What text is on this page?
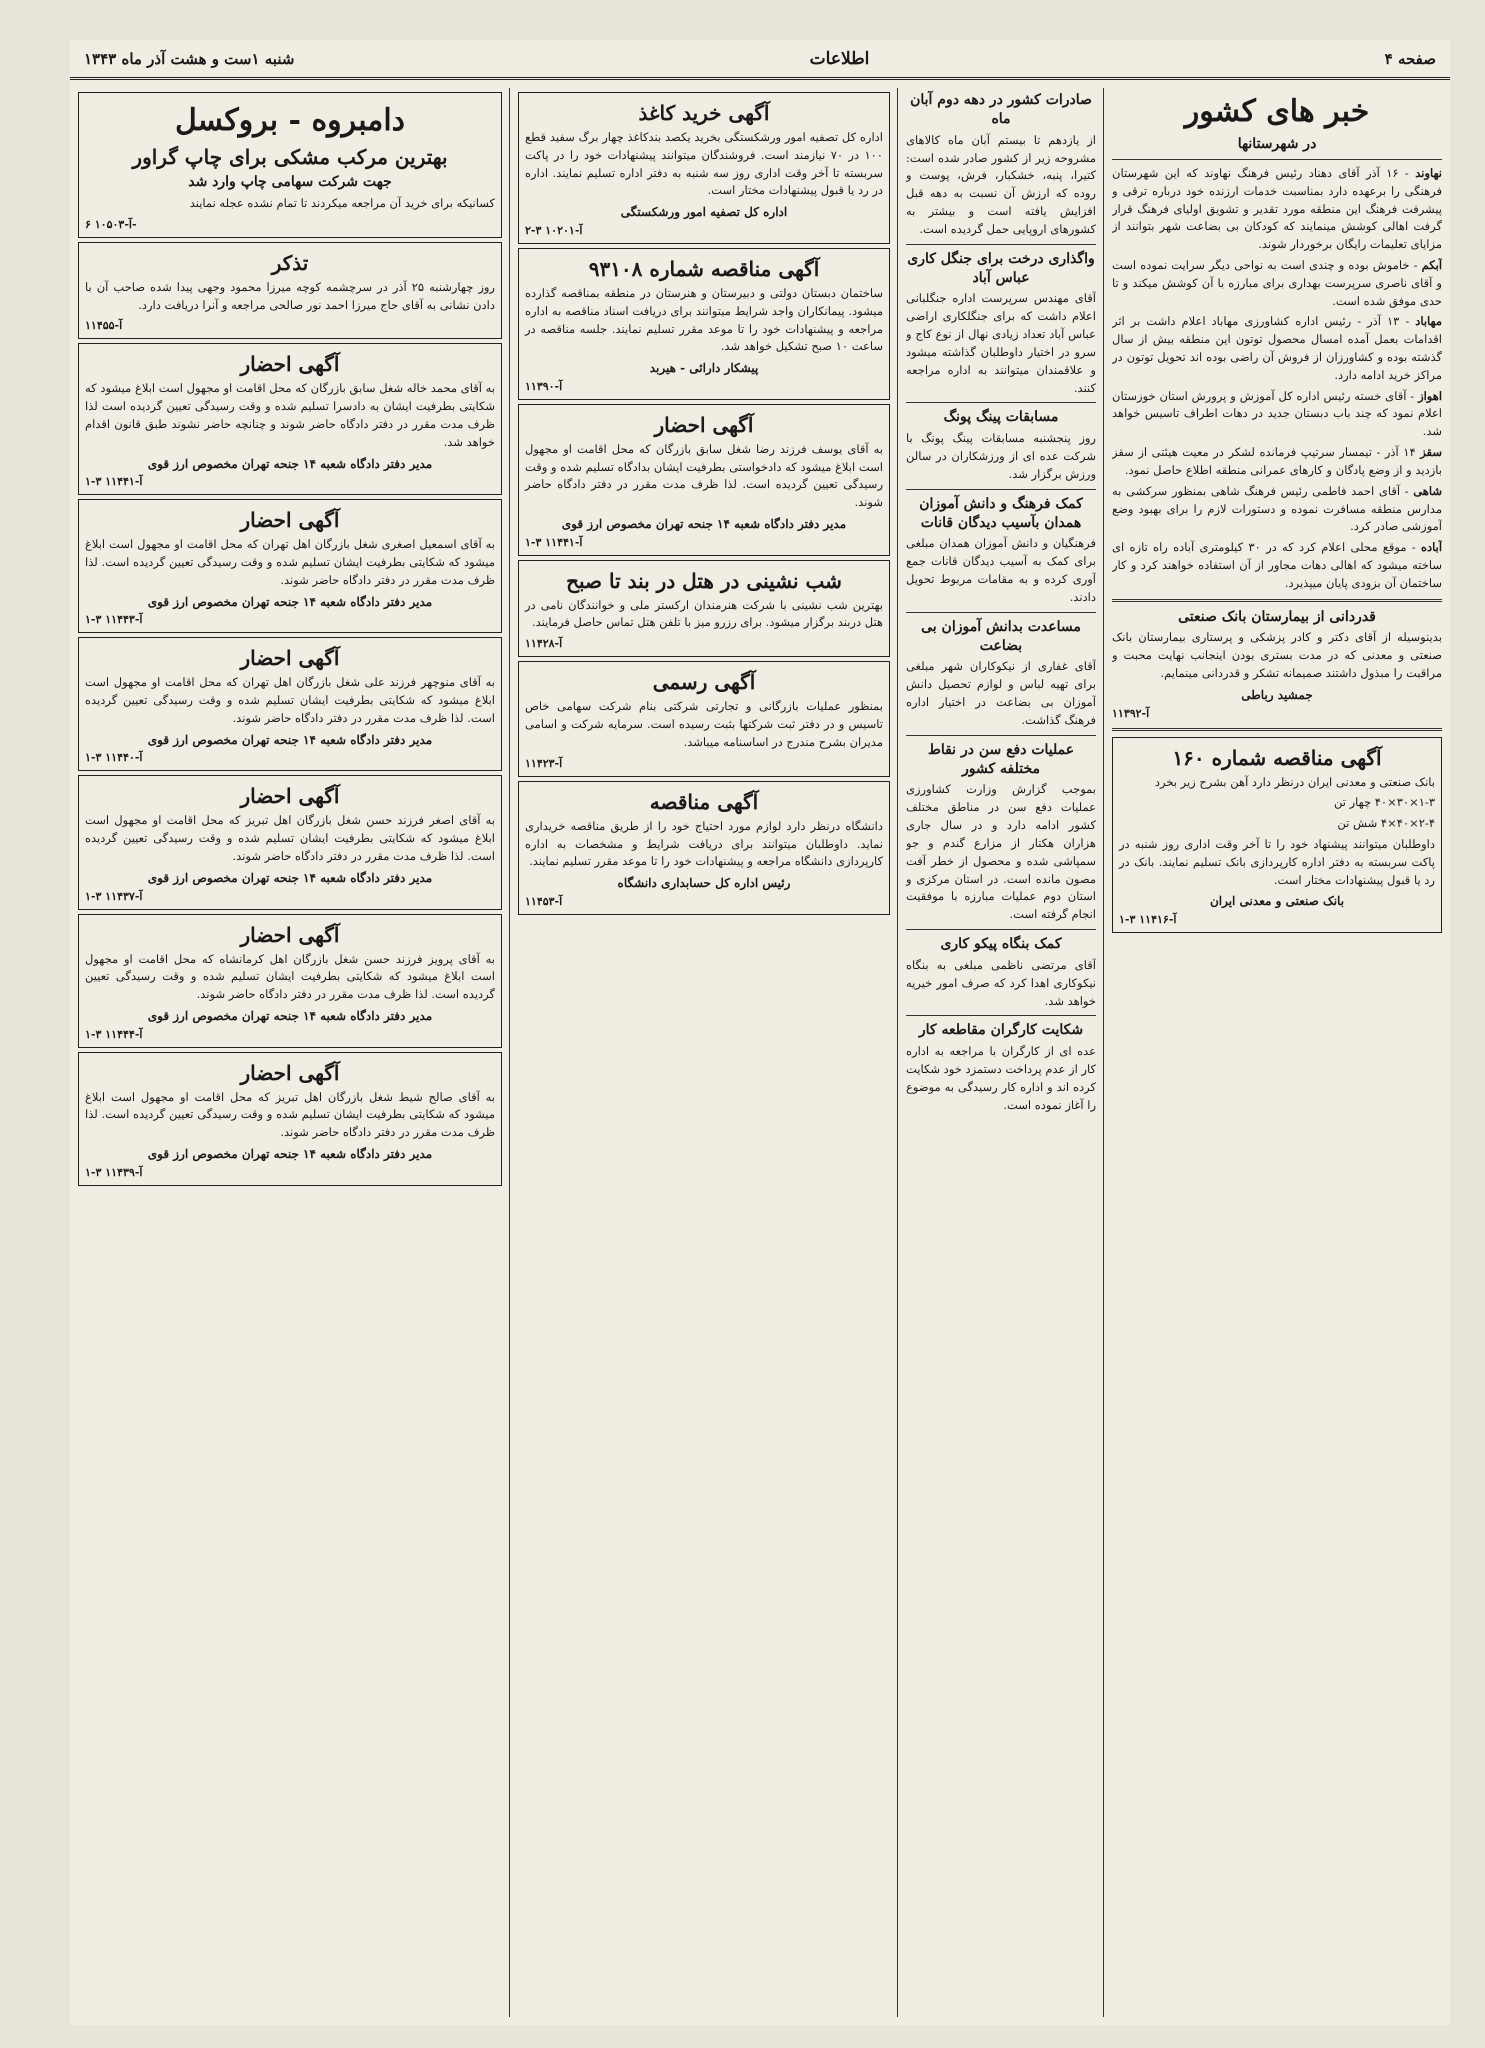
صفحه ۴
اطلاعات
شنبه ۱ست و هشت آذر ماه ۱۳۴۳
خبر های کشور
در شهرستانها

نهاوند - ۱۶ آذر آقای دهناد رئیس فرهنگ نهاوند که این شهرستان فرهنگی را برعهده دارد بمناسبت خدمات ارزنده خود درباره ترقی و پیشرفت فرهنگ این منطقه مورد تقدیر و تشویق اولیای فرهنگ قرار گرفت اهالی کوشش مینمایند که کودکان بی بضاعت شهر بتوانند از مزایای تعلیمات رایگان برخوردار شوند.

آبکم - خاموش بوده و چندی است به نواحی دیگر سرایت نموده است و آقای ناصری سرپرست بهداری برای مبارزه با آن کوشش میکند و تا حدی موفق شده است.

مهاباد - ۱۳ آذر - رئیس اداره کشاورزی مهاباد اعلام داشت بر اثر اقدامات بعمل آمده امسال محصول توتون این منطقه بیش از سال گذشته بوده و کشاورزان از فروش آن راضی بوده اند تحویل توتون در مراکز خرید ادامه دارد.

اهواز - آقای خسته رئیس اداره کل آموزش و پرورش استان خوزستان اعلام نمود که چند باب دبستان جدید در دهات اطراف تاسیس خواهد شد.

سقز ۱۴ آذر - تیمسار سرتیپ فرمانده لشکر در معیت هیئتی از سقز بازدید و از وضع پادگان و کارهای عمرانی منطقه اطلاع حاصل نمود.

شاهی - آقای احمد فاطمی رئیس فرهنگ شاهی بمنظور سرکشی به مدارس منطقه مسافرت نموده و دستورات لازم را برای بهبود وضع آموزشی صادر کرد.

آباده - موقع محلی اعلام کرد که در ۳۰ کیلومتری آباده راه تازه ای ساخته میشود که اهالی دهات مجاور از آن استفاده خواهند کرد و کار ساختمان آن بزودی پایان میپذیرد.

قدردانی از بیمارستان بانک صنعتی

بدینوسیله از آقای دکتر و کادر پزشکی و پرستاری بیمارستان بانک صنعتی و معدنی که در مدت بستری بودن اینجانب نهایت محبت و مراقبت را مبذول داشتند صمیمانه تشکر و قدردانی مینمایم.

جمشید رباطی
آ-۱۱۳۹۲
آگهی مناقصه شماره ۱۶۰

بانک صنعتی و معدنی ایران درنظر دارد آهن بشرح زیر بخرد

۱-۳×۳۰×۴۰ چهار تن

۲-۴×۴۰×۴ شش تن

داوطلبان میتوانند پیشنهاد خود را تا آخر وقت اداری روز شنبه در پاکت سربسته به دفتر اداره کارپردازی بانک تسلیم نمایند. بانک در رد یا قبول پیشنهادات مختار است.

بانک صنعتی و معدنی ایران
آ-۱۱۴۱۶ ۳-۱
صادرات کشور در دهه دوم آبان ماه

از یازدهم تا بیستم آبان ماه کالاهای مشروحه زیر از کشور صادر شده است: کتیرا، پنبه، خشکبار، فرش، پوست و روده که ارزش آن نسبت به دهه قبل افزایش یافته است و بیشتر به کشورهای اروپایی حمل گردیده است.

واگذاری درخت برای جنگل کاری عباس آباد

آقای مهندس سرپرست اداره جنگلبانی اعلام داشت که برای جنگلکاری اراضی عباس آباد تعداد زیادی نهال از نوع کاج و سرو در اختیار داوطلبان گذاشته میشود و علاقمندان میتوانند به اداره مراجعه کنند.

مسابقات پینگ پونگ

روز پنجشنبه مسابقات پینگ پونگ با شرکت عده ای از ورزشکاران در سالن ورزش برگزار شد.

کمک فرهنگ و دانش آموزان همدان بآسیب دیدگان قانات

فرهنگیان و دانش آموزان همدان مبلغی برای کمک به آسیب دیدگان قانات جمع آوری کرده و به مقامات مربوط تحویل دادند.

مساعدت بدانش آموزان بی بضاعت

آقای غفاری از نیکوکاران شهر مبلغی برای تهیه لباس و لوازم تحصیل دانش آموزان بی بضاعت در اختیار اداره فرهنگ گذاشت.

عملیات دفع سن در نقاط مختلفه کشور

بموجب گزارش وزارت کشاورزی عملیات دفع سن در مناطق مختلف کشور ادامه دارد و در سال جاری هزاران هکتار از مزارع گندم و جو سمپاشی شده و محصول از خطر آفت مصون مانده است. در استان مرکزی و استان دوم عملیات مبارزه با موفقیت انجام گرفته است.

کمک بنگاه پیکو کاری

آقای مرتضی ناظمی مبلغی به بنگاه نیکوکاری اهدا کرد که صرف امور خیریه خواهد شد.

شکایت کارگران مقاطعه کار

عده ای از کارگران با مراجعه به اداره کار از عدم پرداخت دستمزد خود شکایت کرده اند و اداره کار رسیدگی به موضوع را آغاز نموده است.

آگهی خرید کاغذ

اداره کل تصفیه امور ورشکستگی بخرید یکصد بندکاغذ چهار برگ سفید قطع ۱۰۰ در ۷۰ نیازمند است. فروشندگان میتوانند پیشنهادات خود را در پاکت سربسته تا آخر وقت اداری روز سه شنبه به دفتر اداره تسلیم نمایند. اداره در رد یا قبول پیشنهادات مختار است.

اداره کل تصفیه امور ورشکستگی
آ-۱۰۲۰۱ ۳-۲
آگهی مناقصه شماره ۹۳۱۰۸

ساختمان دبستان دولتی و دبیرستان و هنرستان در منطقه بمناقصه گذارده میشود. پیمانکاران واجد شرایط میتوانند برای دریافت اسناد مناقصه به اداره مراجعه و پیشنهادات خود را تا موعد مقرر تسلیم نمایند. جلسه مناقصه در ساعت ۱۰ صبح تشکیل خواهد شد.

پیشکار دارائی - هیربد
آ-۱۱۳۹۰
آگهی احضار

به آقای یوسف فرزند رضا شغل سابق بازرگان که محل اقامت او مجهول است ابلاغ میشود که دادخواستی بطرفیت ایشان بدادگاه تسلیم شده و وقت رسیدگی تعیین گردیده است. لذا ظرف مدت مقرر در دفتر دادگاه حاضر شوند.

مدیر دفتر دادگاه شعبه ۱۴ جنحه تهران مخصوص ارز قوی
آ-۱۱۴۴۱ ۳-۱
شب نشینی در هتل در بند تا صبح

بهترین شب نشینی با شرکت هنرمندان ارکستر ملی و خوانندگان نامی در هتل دربند برگزار میشود. برای رزرو میز با تلفن هتل تماس حاصل فرمایند.

آ-۱۱۴۲۸
آگهی رسمی

بمنظور عملیات بازرگانی و تجارتی شرکتی بنام شرکت سهامی خاص تاسیس و در دفتر ثبت شرکتها بثبت رسیده است. سرمایه شرکت و اسامی مدیران بشرح مندرج در اساسنامه میباشد.

آ-۱۱۴۲۳
آگهی مناقصه

دانشگاه درنظر دارد لوازم مورد احتیاج خود را از طریق مناقصه خریداری نماید. داوطلبان میتوانند برای دریافت شرایط و مشخصات به اداره کارپردازی دانشگاه مراجعه و پیشنهادات خود را تا موعد مقرر تسلیم نمایند.

رئیس اداره کل حسابداری دانشگاه
آ-۱۱۴۵۳
دامبروه - بروکسل
بهترین مرکب مشکی برای چاپ گراور
جهت شرکت سهامی چاپ وارد شد

کسانیکه برای خرید آن مراجعه میکردند تا تمام نشده عجله نمایند

آ-۱۰۵۰۳ ۶-
تذکر

روز چهارشنبه ۲۵ آذر در سرچشمه کوچه میرزا محمود وجهی پیدا شده صاحب آن با دادن نشانی به آقای حاج میرزا احمد نور صالحی مراجعه و آنرا دریافت دارد.

آ-۱۱۴۵۵
آگهی احضار

به آقای محمد خاله شغل سابق بازرگان که محل اقامت او مجهول است ابلاغ میشود که شکایتی بطرفیت ایشان به دادسرا تسلیم شده و وقت رسیدگی تعیین گردیده است لذا ظرف مدت مقرر در دفتر دادگاه حاضر شوند و چنانچه حاضر نشوند طبق قانون اقدام خواهد شد.

مدیر دفتر دادگاه شعبه ۱۴ جنحه تهران مخصوص ارز قوی
آ-۱۱۴۴۱ ۳-۱
آگهی احضار

به آقای اسمعیل اصغری شغل بازرگان اهل تهران که محل اقامت او مجهول است ابلاغ میشود که شکایتی بطرفیت ایشان تسلیم شده و وقت رسیدگی تعیین گردیده است. لذا ظرف مدت مقرر در دفتر دادگاه حاضر شوند.

مدیر دفتر دادگاه شعبه ۱۴ جنحه تهران مخصوص ارز قوی
آ-۱۱۴۴۳ ۳-۱
آگهی احضار

به آقای منوچهر فرزند علی شغل بازرگان اهل تهران که محل اقامت او مجهول است ابلاغ میشود که شکایتی بطرفیت ایشان تسلیم شده و وقت رسیدگی تعیین گردیده است. لذا ظرف مدت مقرر در دفتر دادگاه حاضر شوند.

مدیر دفتر دادگاه شعبه ۱۴ جنحه تهران مخصوص ارز قوی
آ-۱۱۴۴۰ ۳-۱
آگهی احضار

به آقای اصغر فرزند حسن شغل بازرگان اهل تبریز که محل اقامت او مجهول است ابلاغ میشود که شکایتی بطرفیت ایشان تسلیم شده و وقت رسیدگی تعیین گردیده است. لذا ظرف مدت مقرر در دفتر دادگاه حاضر شوند.

مدیر دفتر دادگاه شعبه ۱۴ جنحه تهران مخصوص ارز قوی
آ-۱۱۴۳۷ ۳-۱
آگهی احضار

به آقای پرویز فرزند حسن شغل بازرگان اهل کرمانشاه که محل اقامت او مجهول است ابلاغ میشود که شکایتی بطرفیت ایشان تسلیم شده و وقت رسیدگی تعیین گردیده است. لذا ظرف مدت مقرر در دفتر دادگاه حاضر شوند.

مدیر دفتر دادگاه شعبه ۱۴ جنحه تهران مخصوص ارز قوی
آ-۱۱۴۴۴ ۳-۱
آگهی احضار

به آقای صالح شیط شغل بازرگان اهل تبریز که محل اقامت او مجهول است ابلاغ میشود که شکایتی بطرفیت ایشان تسلیم شده و وقت رسیدگی تعیین گردیده است. لذا ظرف مدت مقرر در دفتر دادگاه حاضر شوند.

مدیر دفتر دادگاه شعبه ۱۴ جنحه تهران مخصوص ارز قوی
آ-۱۱۴۳۹ ۳-۱
